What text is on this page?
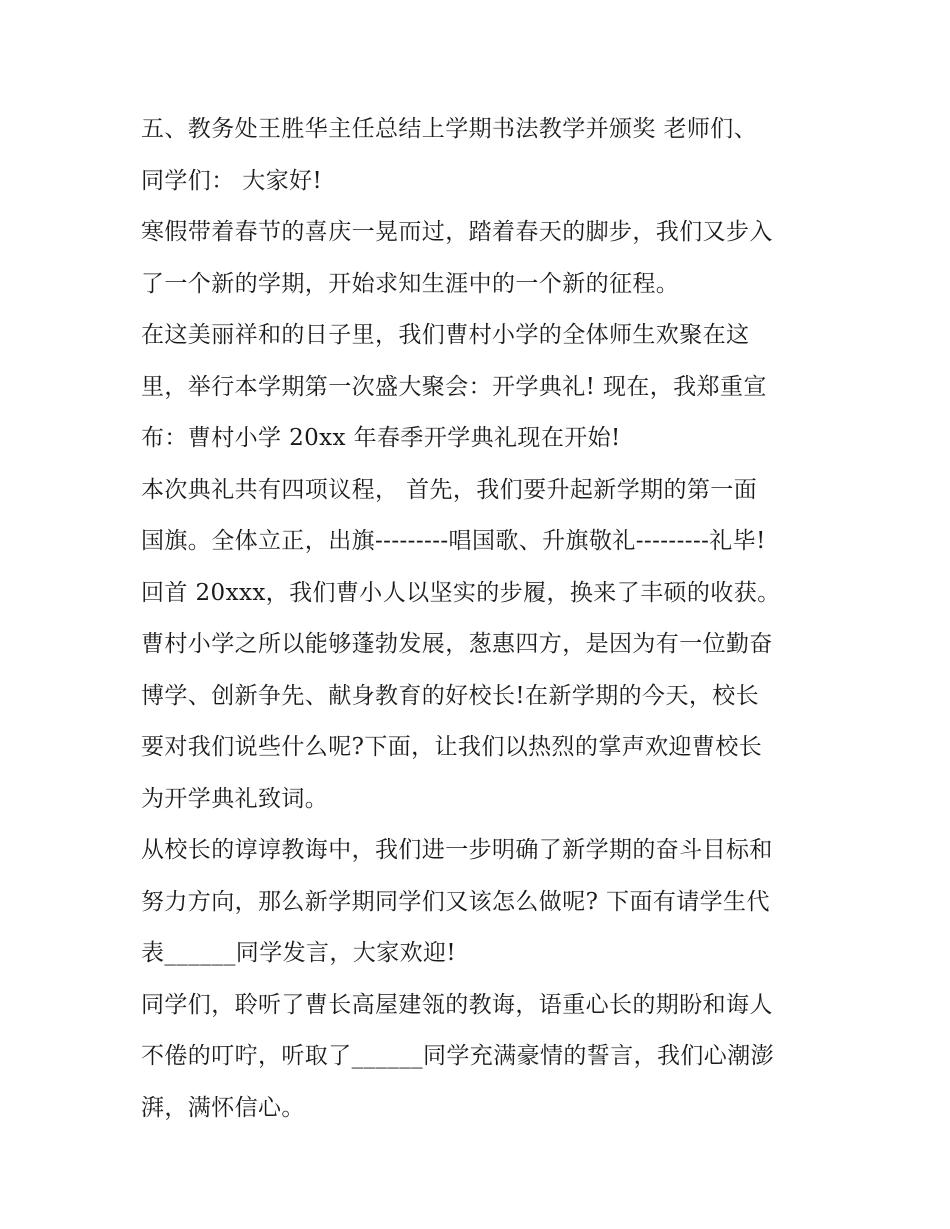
五、教务处王胜华主任总结上学期书法教学并颁奖 老师们、
同学们： 大家好!
寒假带着春节的喜庆一晃而过，踏着春天的脚步，我们又步入
了一个新的学期，开始求知生涯中的一个新的征程。
在这美丽祥和的日子里，我们曹村小学的全体师生欢聚在这
里，举行本学期第一次盛大聚会：开学典礼! 现在，我郑重宣
布：曹村小学 20xx 年春季开学典礼现在开始!
本次典礼共有四项议程， 首先，我们要升起新学期的第一面
国旗。全体立正，出旗---------唱国歌、升旗敬礼---------礼毕!
回首 20xxx，我们曹小人以坚实的步履，换来了丰硕的收获。
曹村小学之所以能够蓬勃发展，葱惠四方，是因为有一位勤奋
博学、创新争先、献身教育的好校长!在新学期的今天，校长
要对我们说些什么呢?下面，让我们以热烈的掌声欢迎曹校长
为开学典礼致词。
从校长的谆谆教诲中，我们进一步明确了新学期的奋斗目标和
努力方向，那么新学期同学们又该怎么做呢? 下面有请学生代
表______同学发言，大家欢迎!
同学们，聆听了曹长高屋建瓴的教诲，语重心长的期盼和诲人
不倦的叮咛，听取了______同学充满豪情的誓言，我们心潮澎
湃，满怀信心。
